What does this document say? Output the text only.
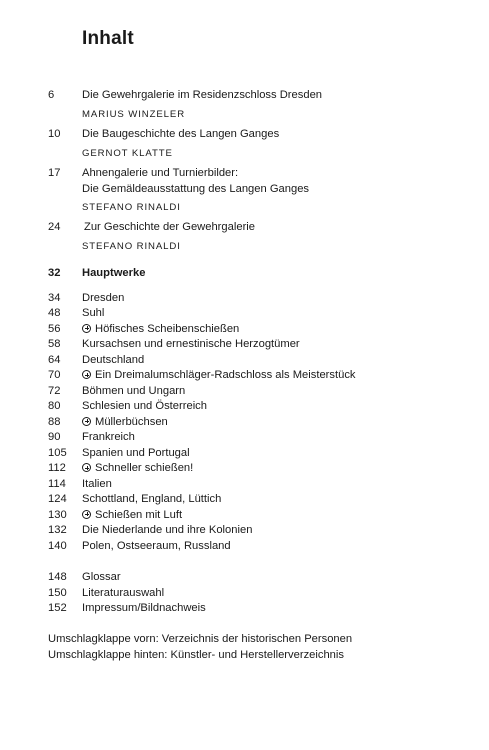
Inhalt
6	Die Gewehrgalerie im Residenzschloss Dresden
MARIUS WINZELER
10	Die Baugeschichte des Langen Ganges
GERNOT KLATTE
17	Ahnengalerie und Turnierbilder:
Die Gemäldeausstattung des Langen Ganges
STEFANO RINALDI
24	Zur Geschichte der Gewehrgalerie
STEFANO RINALDI
32	Hauptwerke
34	Dresden
48	Suhl
56	Höfisches Scheibenschießen
58	Kursachsen und ernestinische Herzogtümer
64	Deutschland
70	Ein Dreimalumschläger-Radschloss als Meisterstück
72	Böhmen und Ungarn
80	Schlesien und Österreich
88	Müllerbüchsen
90	Frankreich
105	Spanien und Portugal
112	Schneller schießen!
114	Italien
124	Schottland, England, Lüttich
130	Schießen mit Luft
132	Die Niederlande und ihre Kolonien
140	Polen, Ostseeraum, Russland
148	Glossar
150	Literaturauswahl
152	Impressum/Bildnachweis
Umschlagklappe vorn: Verzeichnis der historischen Personen
Umschlagklappe hinten: Künstler- und Herstellerverzeichnis
